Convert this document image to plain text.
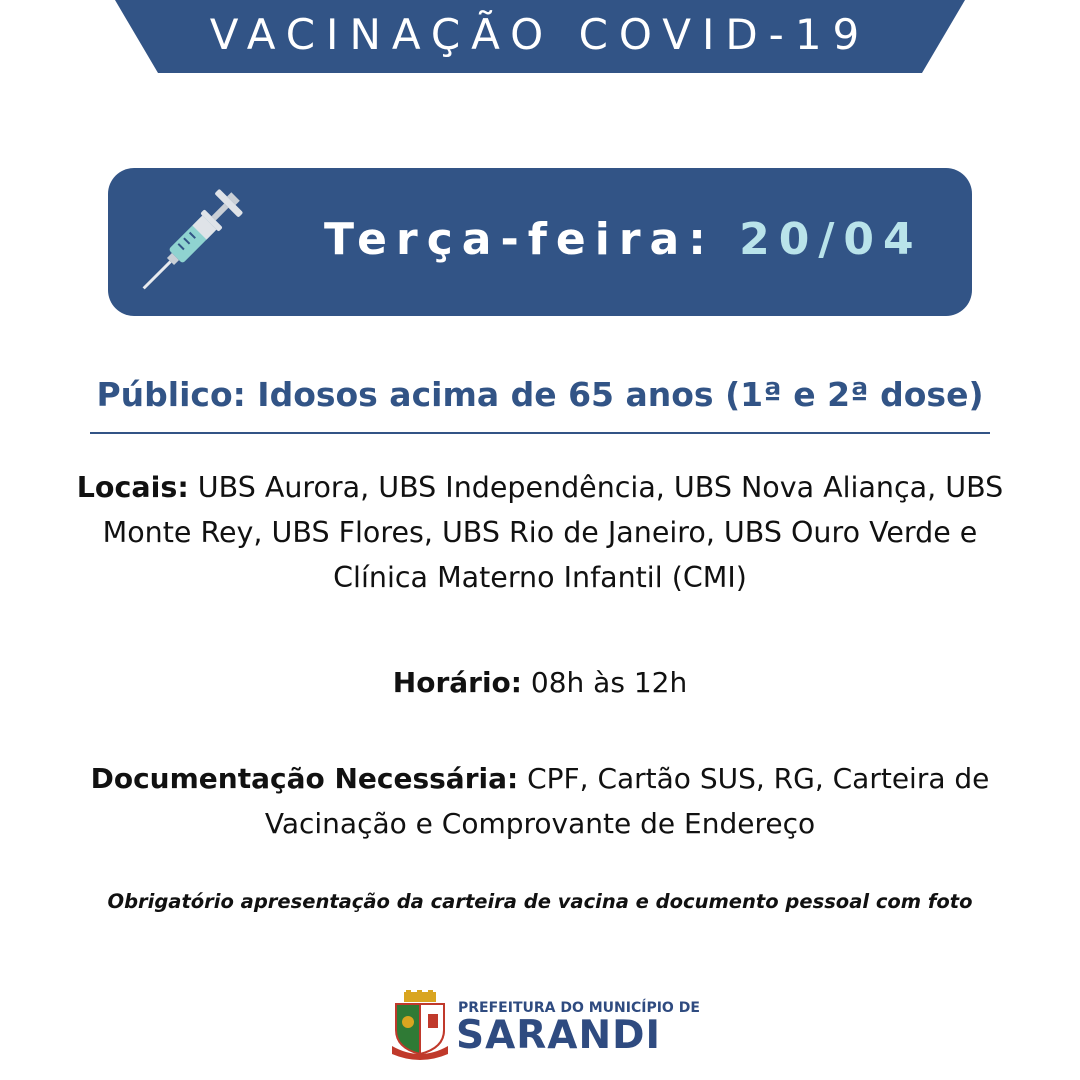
VACINAÇÃO COVID-19
Terça-feira: 20/04
Público: Idosos acima de 65 anos (1ª e 2ª dose)
Locais: UBS Aurora, UBS Independência, UBS Nova Aliança, UBS Monte Rey, UBS Flores, UBS Rio de Janeiro, UBS Ouro Verde e Clínica Materno Infantil (CMI)
Horário: 08h às 12h
Documentação Necessária: CPF, Cartão SUS, RG, Carteira de Vacinação e Comprovante de Endereço
Obrigatório apresentação da carteira de vacina e documento pessoal com foto
PREFEITURA DO MUNICÍPIO DE
SARANDI
